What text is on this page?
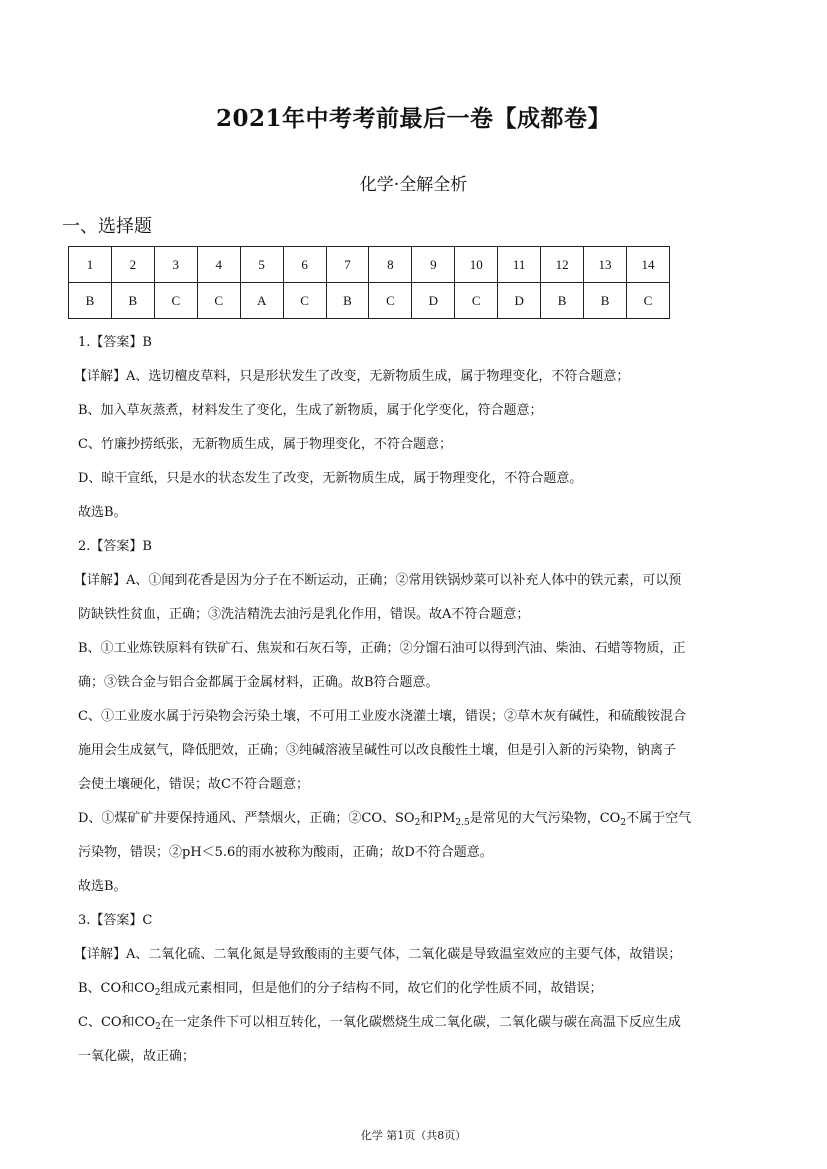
2021年中考考前最后一卷【成都卷】
化学·全解全析
一、选择题
1	2	3	4	5	6	7	8	9	10	11	12	13	14
B	B	C	C	A	C	B	C	D	C	D	B	B	C

1.【答案】B

【详解】A、选切檀皮草料，只是形状发生了改变，无新物质生成，属于物理变化，不符合题意；

B、加入草灰蒸煮，材料发生了变化，生成了新物质，属于化学变化，符合题意；

C、竹廉抄捞纸张，无新物质生成，属于物理变化，不符合题意；

D、晾干宣纸，只是水的状态发生了改变，无新物质生成，属于物理变化，不符合题意。

故选B。

2.【答案】B

【详解】A、①闻到花香是因为分子在不断运动，正确；②常用铁锅炒菜可以补充人体中的铁元素，可以预

防缺铁性贫血，正确；③洗洁精洗去油污是乳化作用，错误。故A不符合题意；

B、①工业炼铁原料有铁矿石、焦炭和石灰石等，正确；②分馏石油可以得到汽油、柴油、石蜡等物质，正

确；③铁合金与铝合金都属于金属材料，正确。故B符合题意。

C、①工业废水属于污染物会污染土壤，不可用工业废水浇灌土壤，错误；②草木灰有碱性，和硫酸铵混合

施用会生成氨气，降低肥效，正确；③纯碱溶液呈碱性可以改良酸性土壤，但是引入新的污染物，钠离子

会使土壤硬化，错误；故C不符合题意；

D、①煤矿矿井要保持通风、严禁烟火，正确；②CO、$SO_2$和$PM_{2.5}$是常见的大气污染物，$CO_2$不属于空气

污染物，错误；②pH＜5.6的雨水被称为酸雨，正确；故D不符合题意。

故选B。

3.【答案】C

【详解】A、二氧化硫、二氧化氮是导致酸雨的主要气体，二氧化碳是导致温室效应的主要气体，故错误；

B、CO和$CO_2$组成元素相同，但是他们的分子结构不同，故它们的化学性质不同，故错误；

C、CO和$CO_2$在一定条件下可以相互转化，一氧化碳燃烧生成二氧化碳，二氧化碳与碳在高温下反应生成

一氧化碳，故正确；

化学 第1页（共8页）
